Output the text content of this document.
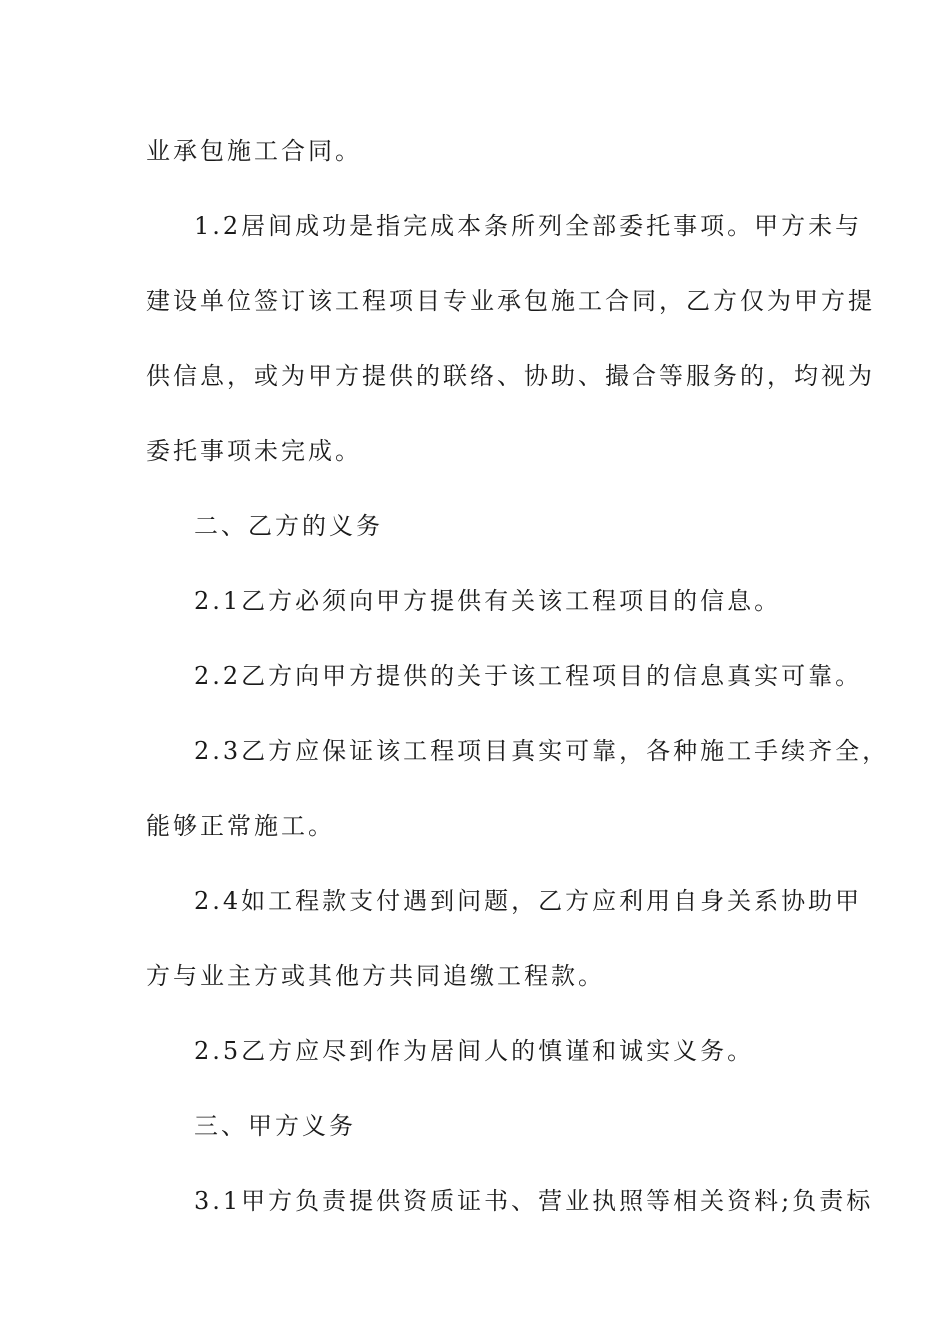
业承包施工合同。
1.2居间成功是指完成本条所列全部委托事项。甲方未与
建设单位签订该工程项目专业承包施工合同，乙方仅为甲方提
供信息，或为甲方提供的联络、协助、撮合等服务的，均视为
委托事项未完成。
二、乙方的义务
2.1乙方必须向甲方提供有关该工程项目的信息。
2.2乙方向甲方提供的关于该工程项目的信息真实可靠。
2.3乙方应保证该工程项目真实可靠，各种施工手续齐全，
能够正常施工。
2.4如工程款支付遇到问题，乙方应利用自身关系协助甲
方与业主方或其他方共同追缴工程款。
2.5乙方应尽到作为居间人的慎谨和诚实义务。
三、甲方义务
3.1甲方负责提供资质证书、营业执照等相关资料;负责标
